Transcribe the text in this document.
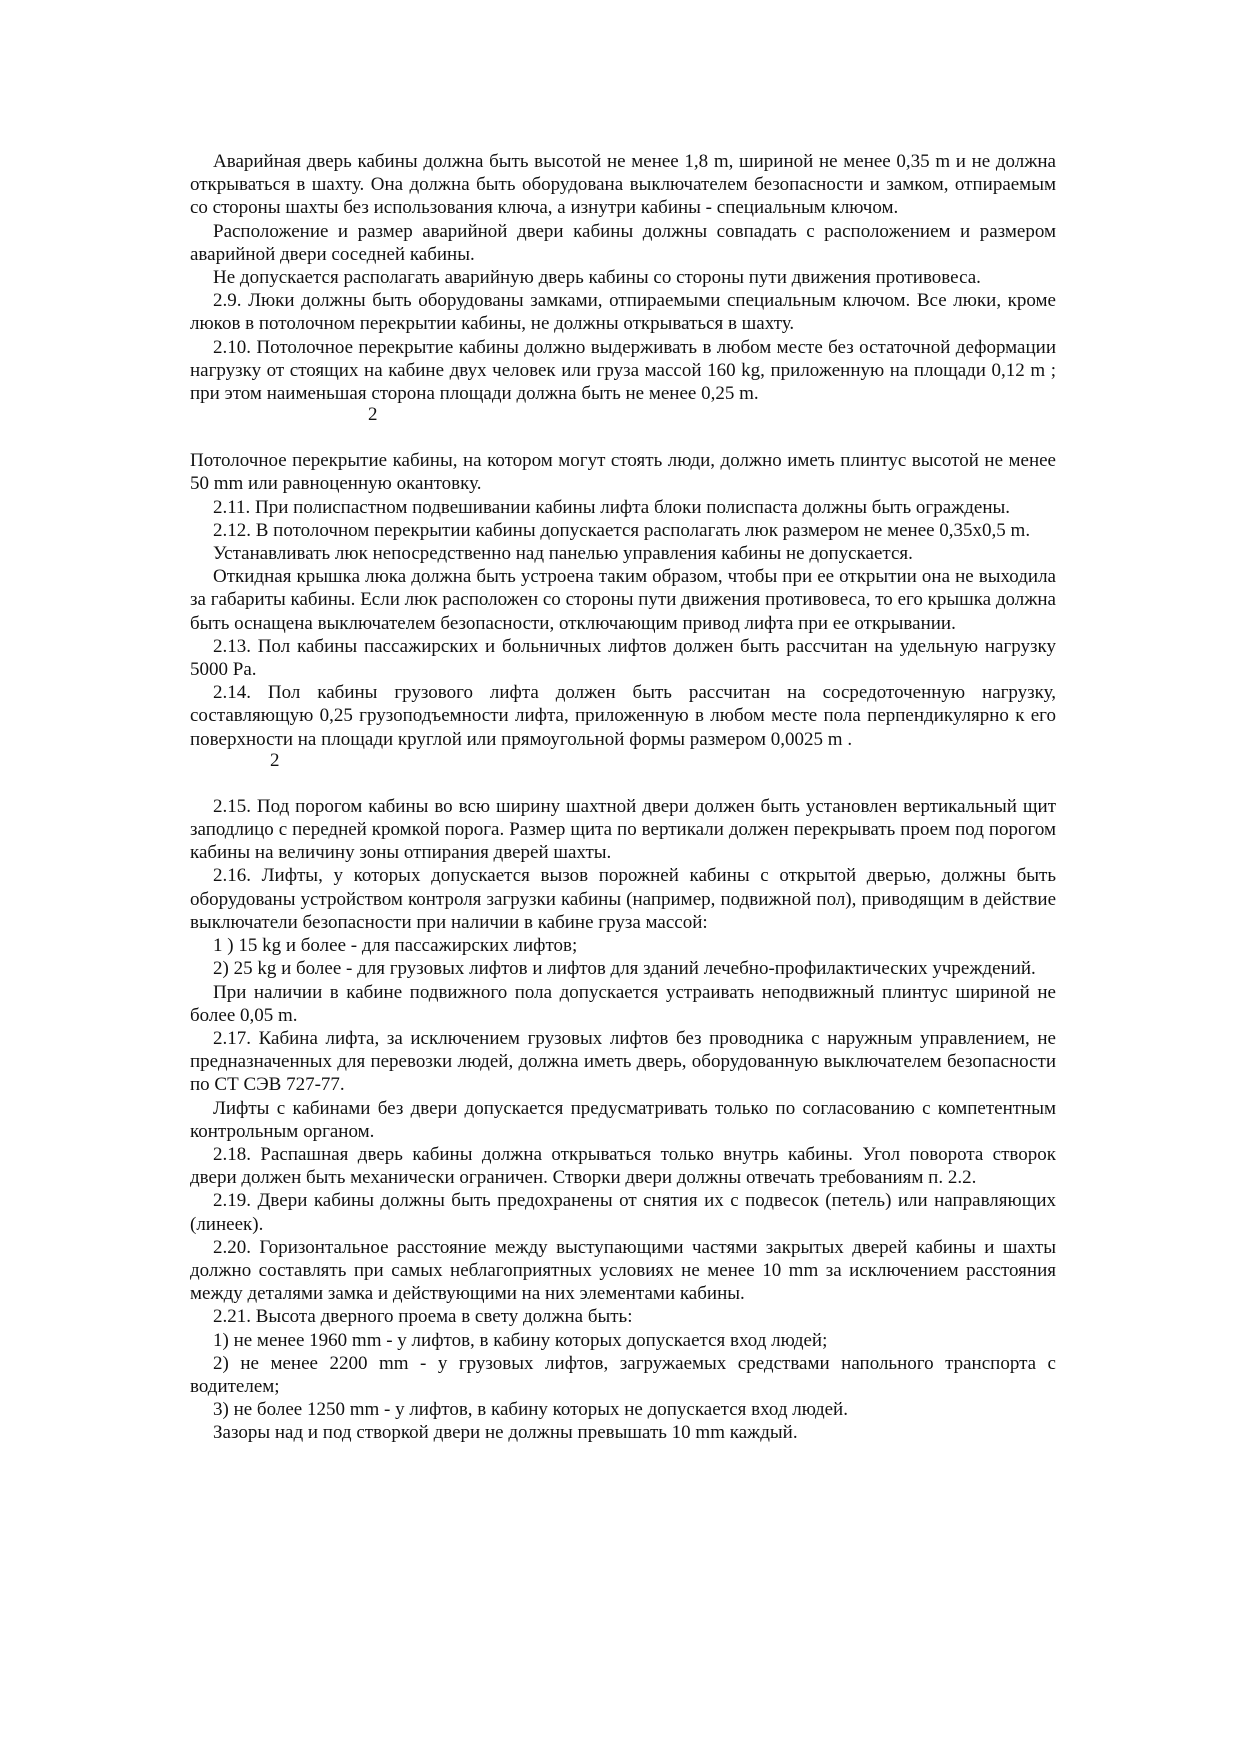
Аварийная дверь кабины должна быть высотой не менее 1,8 m, шириной не менее 0,35 m и не должна открываться в шахту. Она должна быть оборудована выключателем безопасности и замком, отпираемым со стороны шахты без использования ключа, а изнутри кабины - специальным ключом.

Расположение и размер аварийной двери кабины должны совпадать с расположением и размером аварийной двери соседней кабины.

Не допускается располагать аварийную дверь кабины со стороны пути движения противовеса.

2.9. Люки должны быть оборудованы замками, отпираемыми специальным ключом. Все люки, кроме люков в потолочном перекрытии кабины, не должны открываться в шахту.

2.10. Потолочное перекрытие кабины должно выдерживать в любом месте без остаточной деформации нагрузку от стоящих на кабине двух человек или груза массой 160 kg, приложенную на площади 0,12 m ; при этом наименьшая сторона площади должна быть не менее 0,25 m.

2

Потолочное перекрытие кабины, на котором могут стоять люди, должно иметь плинтус высотой не менее 50 mm или равноценную окантовку.

2.11. При полиспастном подвешивании кабины лифта блоки полиспаста должны быть ограждены.

2.12. В потолочном перекрытии кабины допускается располагать люк размером не менее 0,35x0,5 m.

Устанавливать люк непосредственно над панелью управления кабины не допускается.

Откидная крышка люка должна быть устроена таким образом, чтобы при ее открытии она не выходила за габариты кабины. Если люк расположен со стороны пути движения противовеса, то его крышка должна быть оснащена выключателем безопасности, отключающим привод лифта при ее открывании.

2.13. Пол кабины пассажирских и больничных лифтов должен быть рассчитан на удельную нагрузку 5000 Pa.

2.14. Пол кабины грузового лифта должен быть рассчитан на сосредоточенную нагрузку, составляющую 0,25 грузоподъемности лифта, приложенную в любом месте пола перпендикулярно к его поверхности на площади круглой или прямоугольной формы размером 0,0025 m .

2

2.15. Под порогом кабины во всю ширину шахтной двери должен быть установлен вертикальный щит заподлицо с передней кромкой порога. Размер щита по вертикали должен перекрывать проем под порогом кабины на величину зоны отпирания дверей шахты.

2.16. Лифты, у которых допускается вызов порожней кабины с открытой дверью, должны быть оборудованы устройством контроля загрузки кабины (например, подвижной пол), приводящим в действие выключатели безопасности при наличии в кабине груза массой:

1 ) 15 kg и более - для пассажирских лифтов;

2) 25 kg и более - для грузовых лифтов и лифтов для зданий лечебно-профилактических учреждений.

При наличии в кабине подвижного пола допускается устраивать неподвижный плинтус шириной не более 0,05 m.

2.17. Кабина лифта, за исключением грузовых лифтов без проводника с наружным управлением, не предназначенных для перевозки людей, должна иметь дверь, оборудованную выключателем безопасности по СТ СЭВ 727-77.

Лифты с кабинами без двери допускается предусматривать только по согласованию с компетентным контрольным органом.

2.18. Распашная дверь кабины должна открываться только внутрь кабины. Угол поворота створок двери должен быть механически ограничен. Створки двери должны отвечать требованиям п. 2.2.

2.19. Двери кабины должны быть предохранены от снятия их с подвесок (петель) или направляющих (линеек).

2.20. Горизонтальное расстояние между выступающими частями закрытых дверей кабины и шахты должно составлять при самых неблагоприятных условиях не менее 10 mm за исключением расстояния между деталями замка и действующими на них элементами кабины.

2.21. Высота дверного проема в свету должна быть:

1) не менее 1960 mm - у лифтов, в кабину которых допускается вход людей;

2) не менее 2200 mm - у грузовых лифтов, загружаемых средствами напольного транспорта с водителем;

3) не более 1250 mm - у лифтов, в кабину которых не допускается вход людей.

Зазоры над и под створкой двери не должны превышать 10 mm каждый.
